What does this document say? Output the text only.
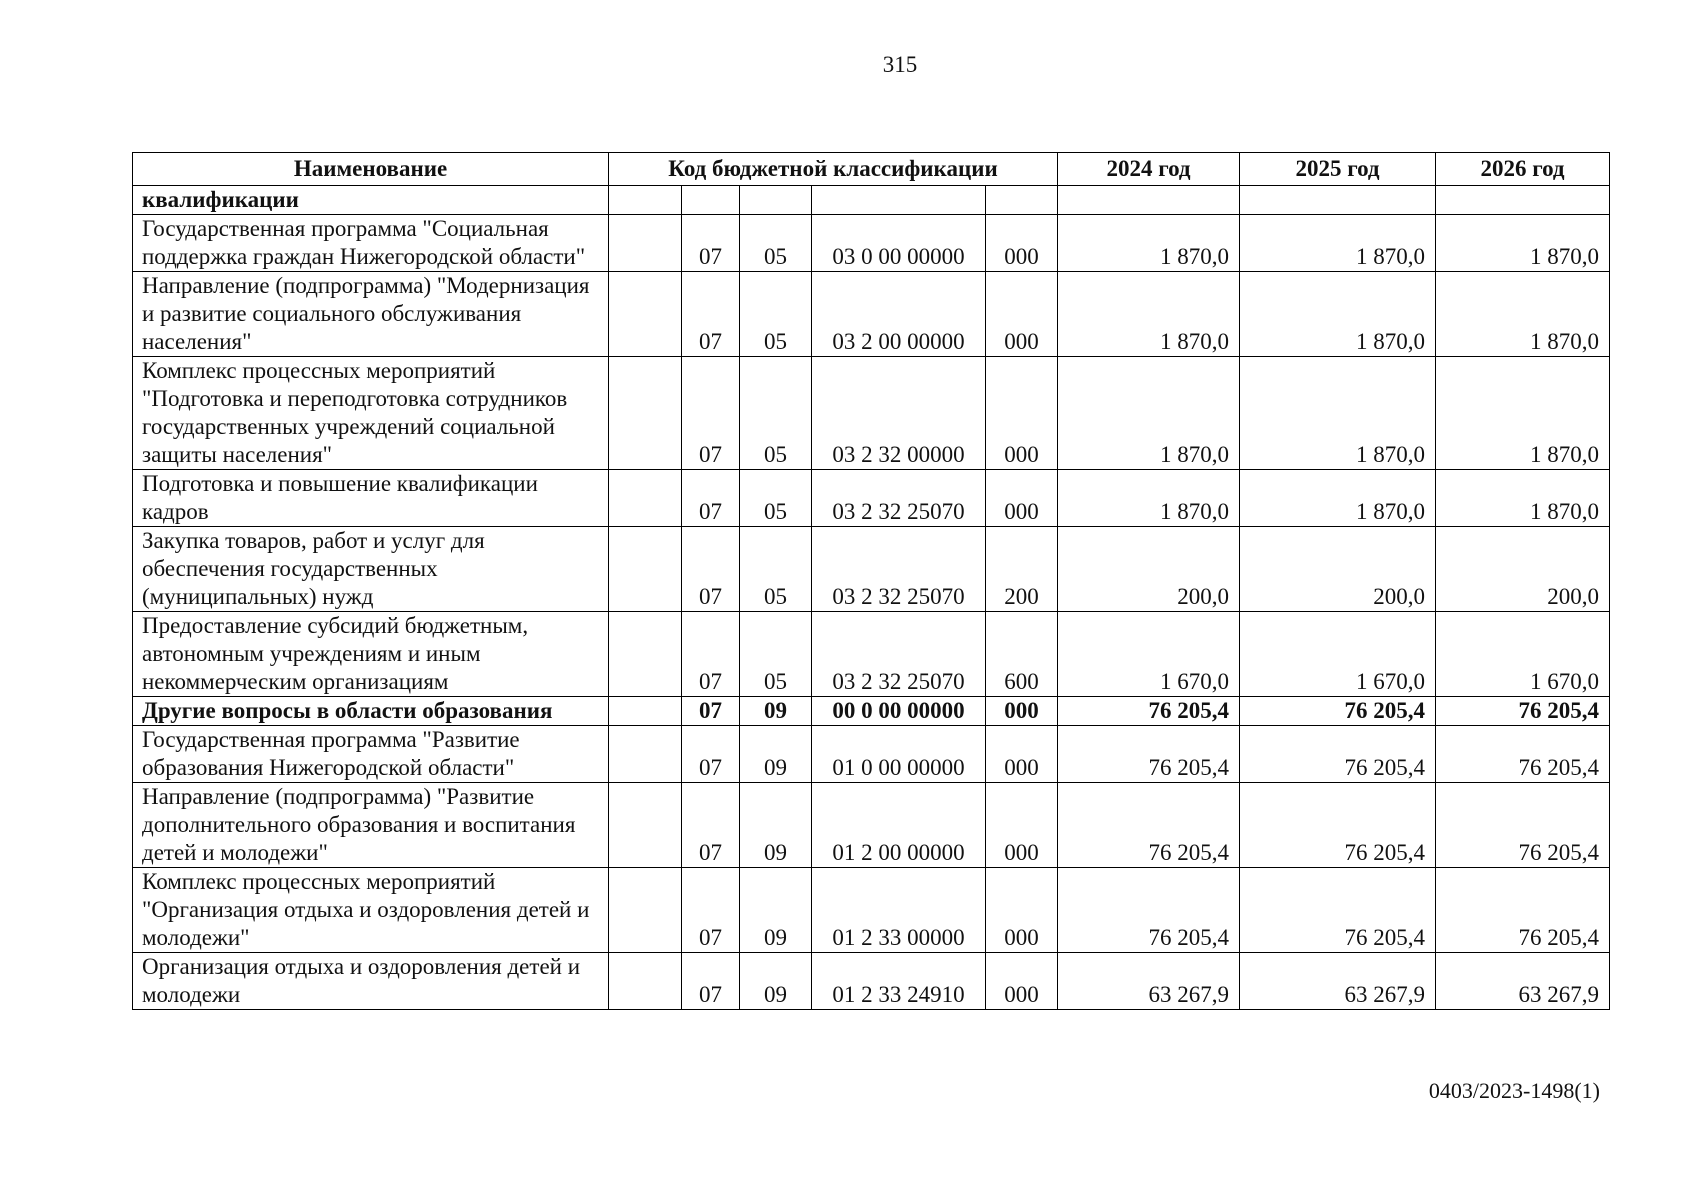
315
Наименование	Код бюджетной классификации					2024 год	2025 год	2026 год
квалификации								
Государственная программа "Социальная поддержка граждан Нижегородской области"		07	05	03 0 00 00000	000	1 870,0	1 870,0	1 870,0
Направление (подпрограмма) "Модернизация и развитие социального обслуживания населения"		07	05	03 2 00 00000	000	1 870,0	1 870,0	1 870,0
Комплекс процессных мероприятий "Подготовка и переподготовка сотрудников государственных учреждений социальной защиты населения"		07	05	03 2 32 00000	000	1 870,0	1 870,0	1 870,0
Подготовка и повышение квалификации кадров		07	05	03 2 32 25070	000	1 870,0	1 870,0	1 870,0
Закупка товаров, работ и услуг для обеспечения государственных (муниципальных) нужд		07	05	03 2 32 25070	200	200,0	200,0	200,0
Предоставление субсидий бюджетным, автономным учреждениям и иным некоммерческим организациям		07	05	03 2 32 25070	600	1 670,0	1 670,0	1 670,0
Другие вопросы в области образования		07	09	00 0 00 00000	000	76 205,4	76 205,4	76 205,4
Государственная программа "Развитие образования Нижегородской области"		07	09	01 0 00 00000	000	76 205,4	76 205,4	76 205,4
Направление (подпрограмма) "Развитие дополнительного образования и воспитания детей и молодежи"		07	09	01 2 00 00000	000	76 205,4	76 205,4	76 205,4
Комплекс процессных мероприятий "Организация отдыха и оздоровления детей и молодежи"		07	09	01 2 33 00000	000	76 205,4	76 205,4	76 205,4
Организация отдыха и оздоровления детей и молодежи		07	09	01 2 33 24910	000	63 267,9	63 267,9	63 267,9
0403/2023-1498(1)
